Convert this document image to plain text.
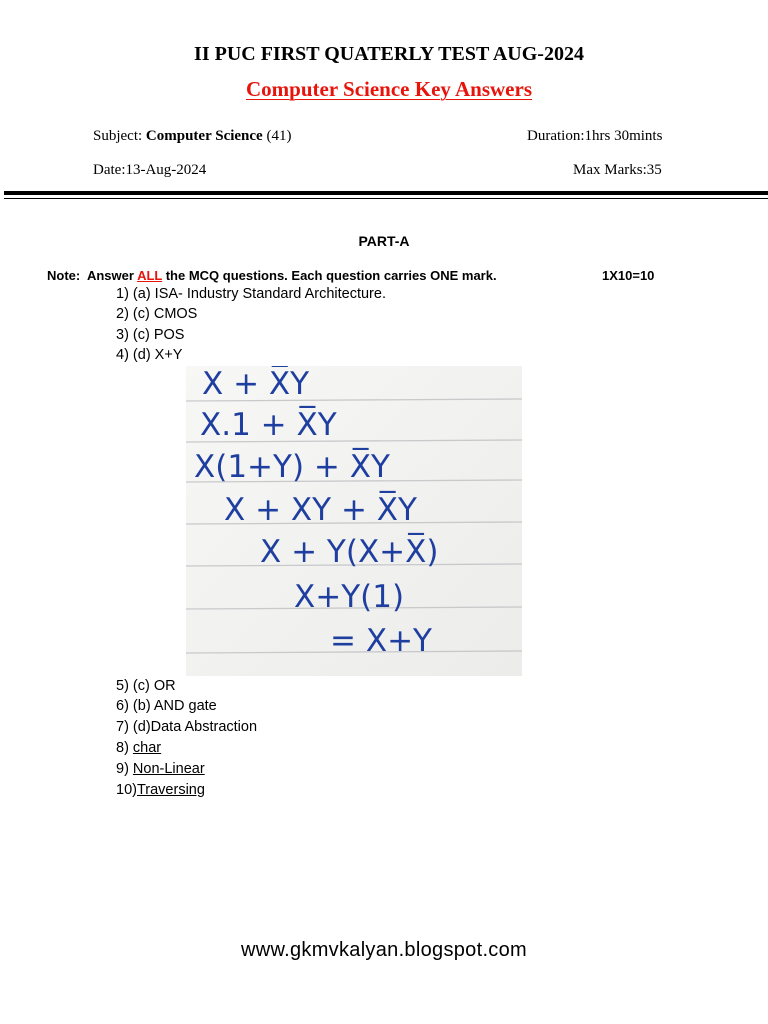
II PUC FIRST QUATERLY TEST AUG-2024
Computer Science Key Answers
Subject: Computer Science (41)	Duration:1hrs 30mints
Date:13-Aug-2024	Max Marks:35
PART-A
Note:  Answer ALL the MCQ questions. Each question carries ONE mark.	1X10=10
1) (a) ISA- Industry Standard Architecture.
2) (c) CMOS
3) (c) POS
4) (d) X+Y
X + X̅Y
X.1 + X̅Y
X(1+Y) + X̅Y
X + XY + X̅Y
X + Y(X+X̅)
X+Y(1)
= X+Y
5) (c) OR
6) (b) AND gate
7) (d)Data Abstraction
8) char
9) Non-Linear
10)Traversing
www.gkmvkalyan.blogspot.com
